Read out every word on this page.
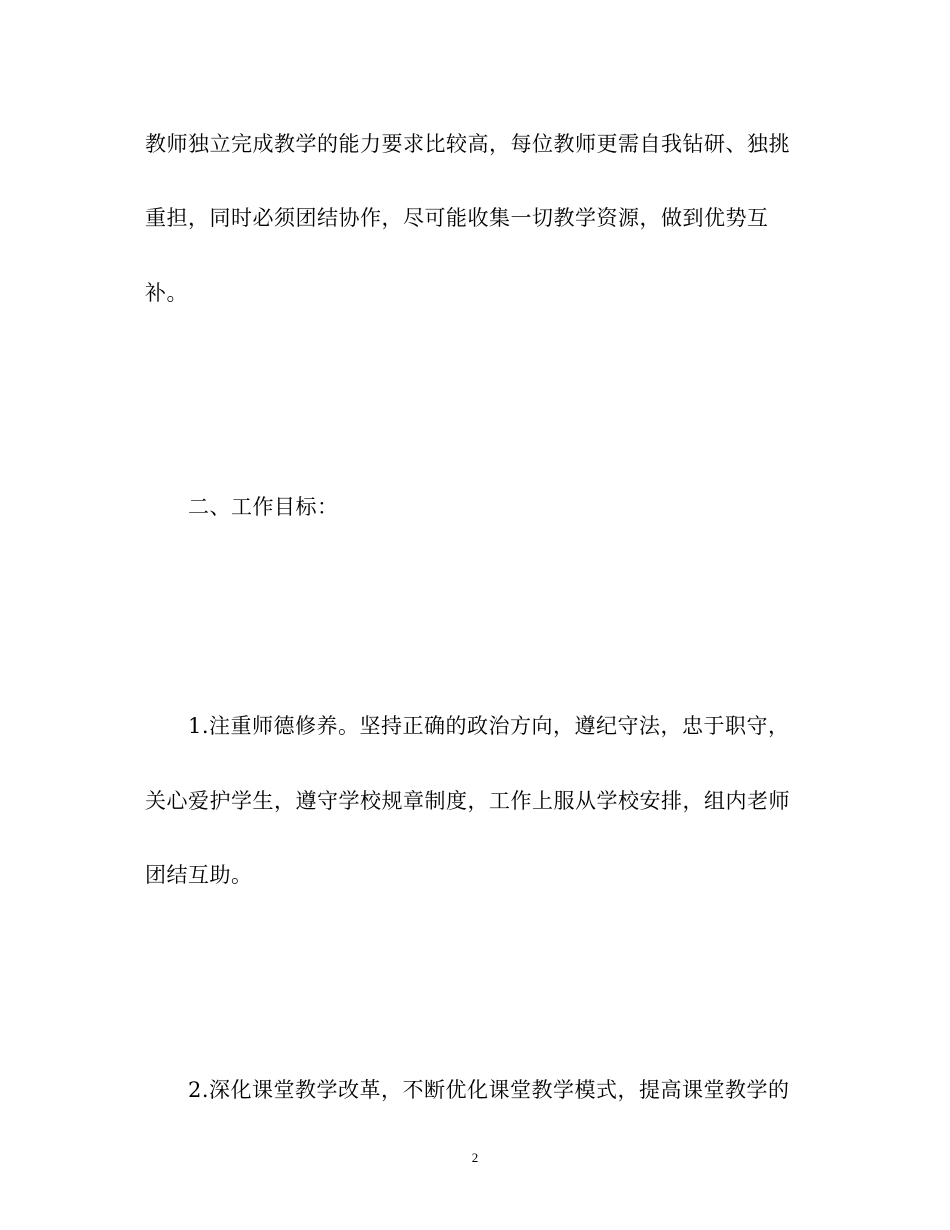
教师独立完成教学的能力要求比较高，每位教师更需自我钻研、独挑
重担，同时必须团结协作，尽可能收集一切教学资源，做到优势互
补。
二、工作目标：
1.注重师德修养。坚持正确的政治方向，遵纪守法，忠于职守，
关心爱护学生，遵守学校规章制度，工作上服从学校安排，组内老师
团结互助。
2.深化课堂教学改革，不断优化课堂教学模式，提高课堂教学的
2
